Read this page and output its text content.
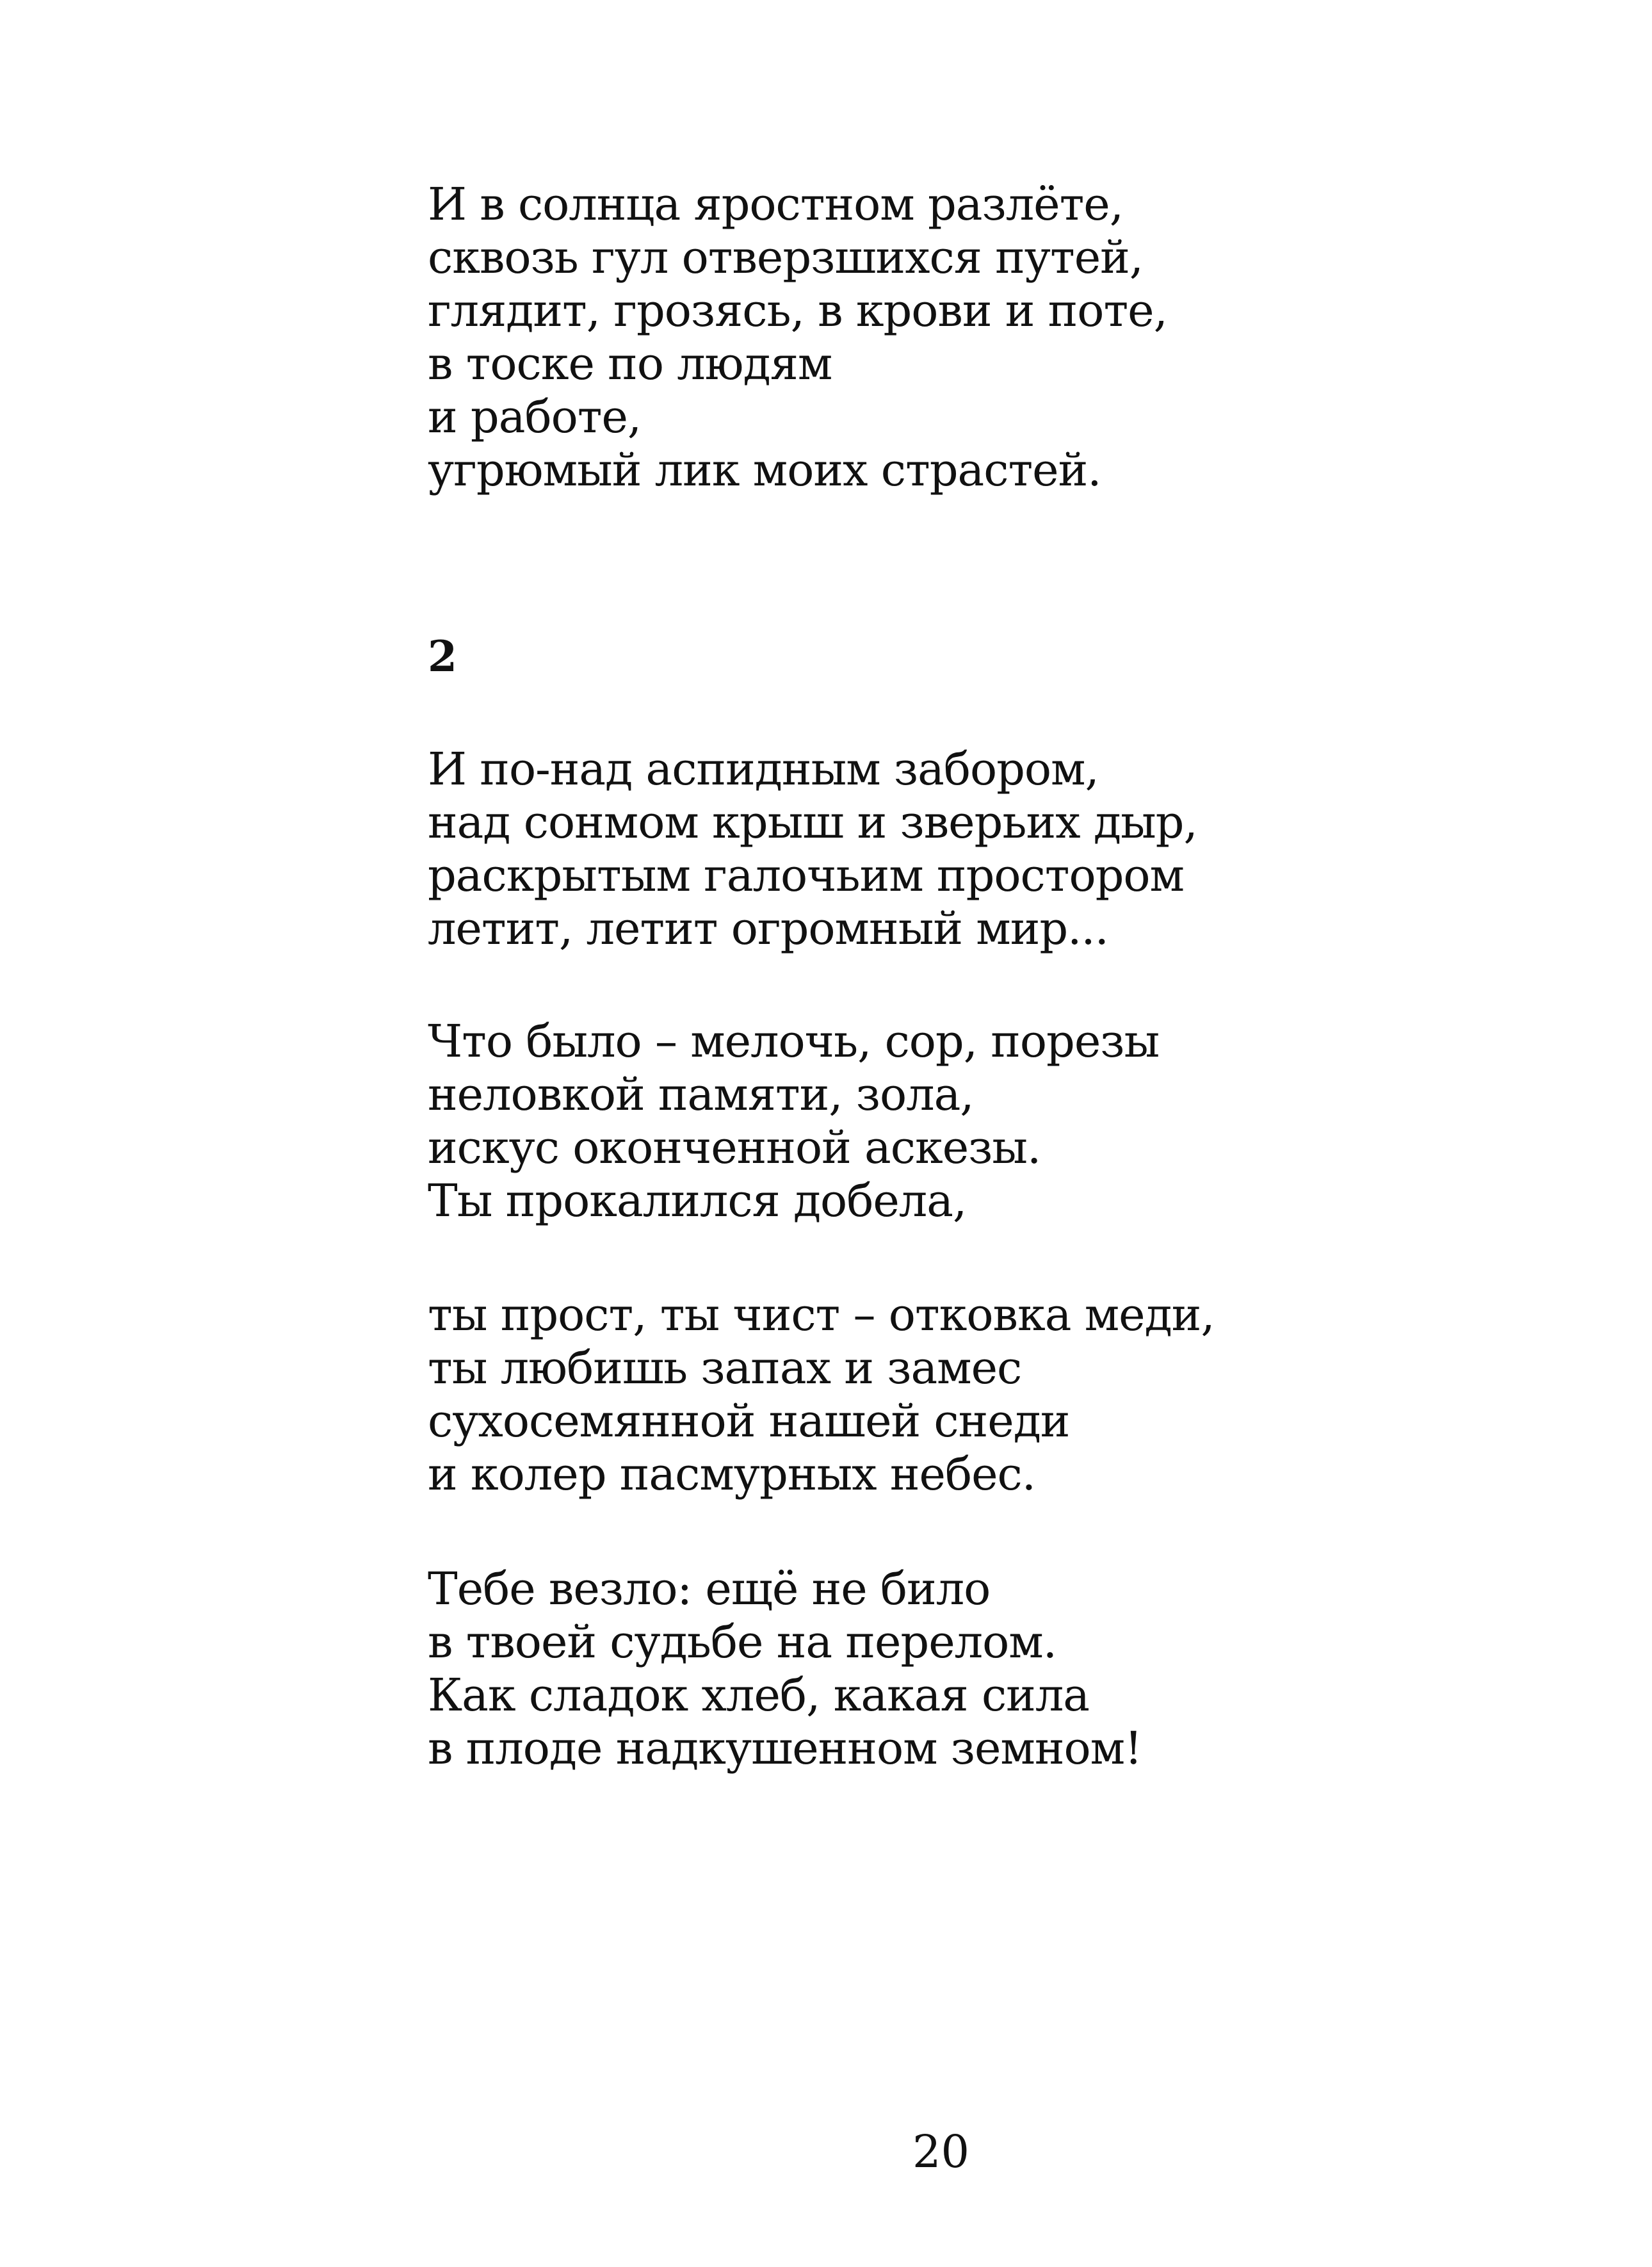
И в солнца яростном разлёте,
сквозь гул отверзшихся путей,
глядит, грозясь, в крови и поте,
в тоске по людям
и работе,
угрюмый лик моих страстей.
2
И по-над аспидным забором,
над сонмом крыш и зверьих дыр,
раскрытым галочьим простором
летит, летит огромный мир...
Что было – мелочь, сор, порезы
неловкой памяти, зола,
искус оконченной аскезы.
Ты прокалился добела,
ты прост, ты чист – отковка меди,
ты любишь запах и замес
сухосемянной нашей снеди
и колер пасмурных небес.
Тебе везло: ещё не било
в твоей судьбе на перелом.
Как сладок хлеб, какая сила
в плоде надкушенном земном!
20
